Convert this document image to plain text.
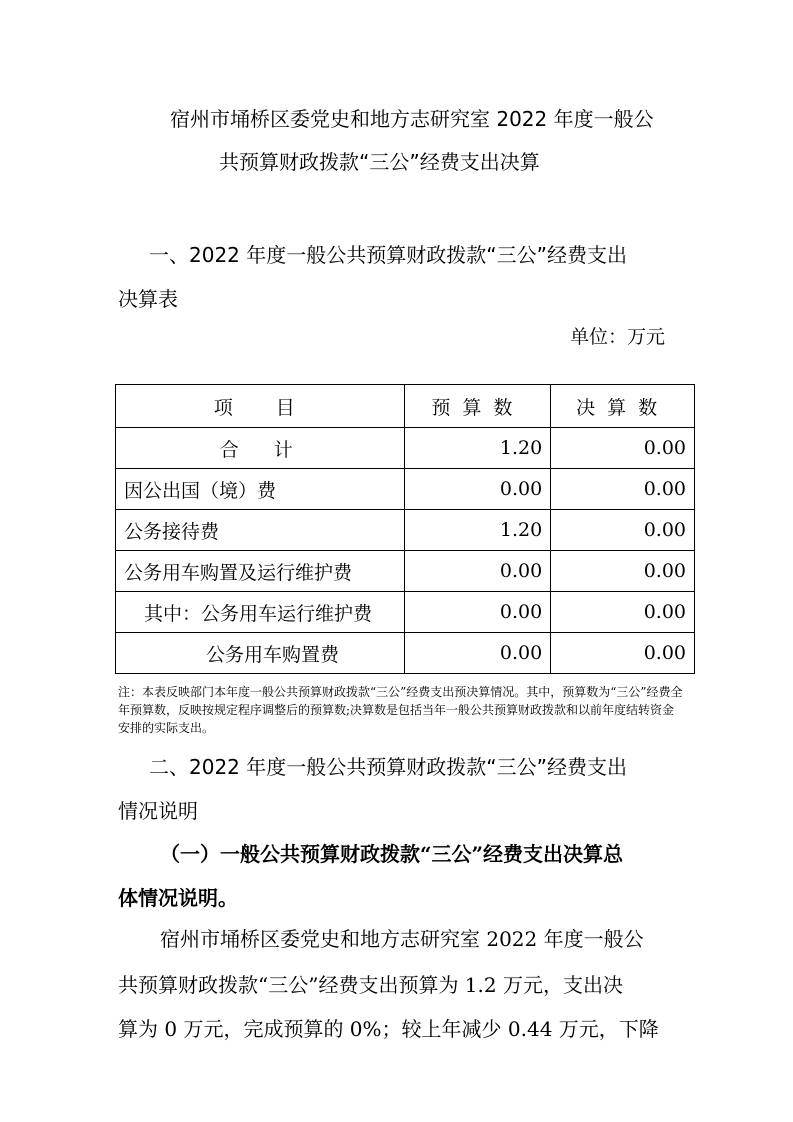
宿州市埇桥区委党史和地方志研究室 2022 年度一般公
共预算财政拨款“三公”经费支出决算
一、2022 年度一般公共预算财政拨款“三公”经费支出
决算表
单位：万元
项　目	预算数	决算数
合　计	1.20	0.00
因公出国（境）费	0.00	0.00
公务接待费	1.20	0.00
公务用车购置及运行维护费	0.00	0.00
其中：公务用车运行维护费	0.00	0.00
公务用车购置费	0.00	0.00
注：本表反映部门本年度一般公共预算财政拨款“三公”经费支出预决算情况。其中，预算数为“三公”经费全年预算数，反映按规定程序调整后的预算数;决算数是包括当年一般公共预算财政拨款和以前年度结转资金安排的实际支出。
二、2022 年度一般公共预算财政拨款“三公”经费支出
情况说明
（一）一般公共预算财政拨款“三公”经费支出决算总
体情况说明。
宿州市埇桥区委党史和地方志研究室 2022 年度一般公
共预算财政拨款“三公”经费支出预算为 1.2 万元，支出决
算为 0 万元，完成预算的 0%；较上年减少 0.44 万元，下降
